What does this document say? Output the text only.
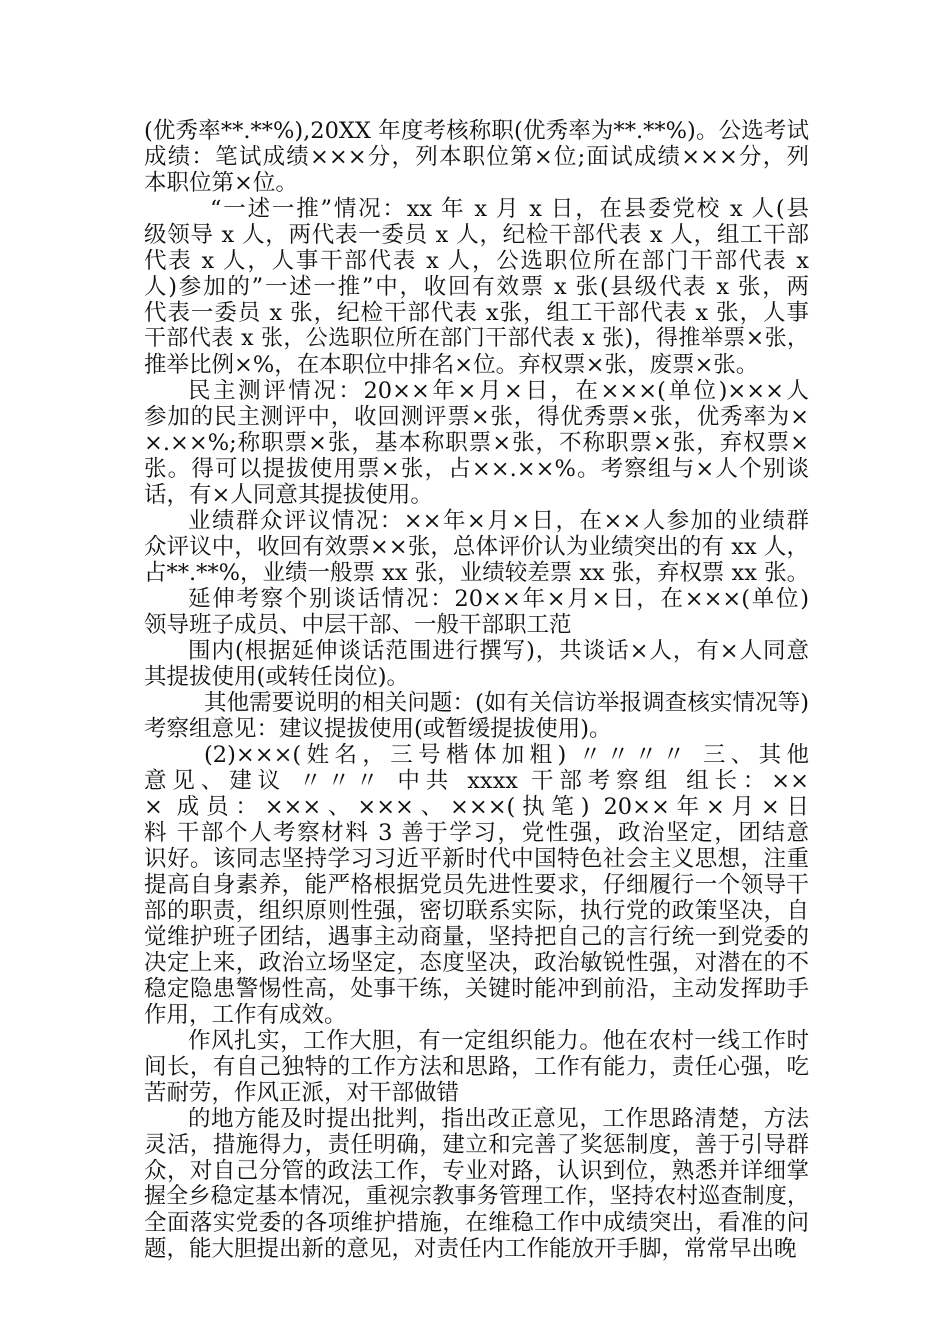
(优秀率**.**%),20XX 年度考核称职(优秀率为**.**%)。公选考试
成绩：笔试成绩×××分，列本职位第×位;面试成绩×××分，列
本职位第×位。
“一述一推”情况：xx 年 x 月 x 日，在县委党校 x 人(县
级领导 x 人，两代表一委员 x 人，纪检干部代表 x 人，组工干部
代表 x 人，人事干部代表 x 人，公选职位所在部门干部代表 x
人)参加的”一述一推”中，收回有效票 x 张(县级代表 x 张，两
代表一委员 x 张，纪检干部代表 x张，组工干部代表 x 张，人事
干部代表 x 张，公选职位所在部门干部代表 x 张)，得推举票×张，
推举比例×%，在本职位中排名×位。弃权票×张，废票×张。
民主测评情况：20××年×月×日，在×××(单位)×××人
参加的民主测评中，收回测评票×张，得优秀票×张，优秀率为×
×.××%;称职票×张，基本称职票×张，不称职票×张，弃权票×
张。得可以提拔使用票×张，占××.××%。考察组与×人个别谈
话，有×人同意其提拔使用。
业绩群众评议情况：××年×月×日，在××人参加的业绩群
众评议中，收回有效票××张，总体评价认为业绩突出的有 xx 人，
占**.**%，业绩一般票 xx 张，业绩较差票 xx 张，弃权票 xx 张。
延伸考察个别谈话情况：20××年×月×日，在×××(单位)
领导班子成员、中层干部、一般干部职工范
围内(根据延伸谈话范围进行撰写)，共谈话×人，有×人同意
其提拔使用(或转任岗位)。
其他需要说明的相关问题：(如有关信访举报调查核实情况等)
考察组意见：建议提拔使用(或暂缓提拔使用)。
(2)×××(姓名，三号楷体加粗) 〃〃〃〃 三、其他
意见、建议 〃〃〃 中共 xxxx 干部考察组 组长：××
× 成员：×××、×××、×××(执笔) 20××年×月×日
料 干部个人考察材料 3 善于学习，党性强，政治坚定，团结意
识好。该同志坚持学习习近平新时代中国特色社会主义思想，注重
提高自身素养，能严格根据党员先进性要求，仔细履行一个领导干
部的职责，组织原则性强，密切联系实际，执行党的政策坚决，自
觉维护班子团结，遇事主动商量，坚持把自己的言行统一到党委的
决定上来，政治立场坚定，态度坚决，政治敏锐性强，对潜在的不
稳定隐患警惕性高，处事干练，关键时能冲到前沿，主动发挥助手
作用，工作有成效。
作风扎实，工作大胆，有一定组织能力。他在农村一线工作时
间长，有自己独特的工作方法和思路，工作有能力，责任心强，吃
苦耐劳，作风正派，对干部做错
的地方能及时提出批判，指出改正意见，工作思路清楚，方法
灵活，措施得力，责任明确，建立和完善了奖惩制度，善于引导群
众，对自己分管的政法工作，专业对路，认识到位，熟悉并详细掌
握全乡稳定基本情况，重视宗教事务管理工作，坚持农村巡查制度，
全面落实党委的各项维护措施，在维稳工作中成绩突出，看准的问
题，能大胆提出新的意见，对责任内工作能放开手脚，常常早出晚
